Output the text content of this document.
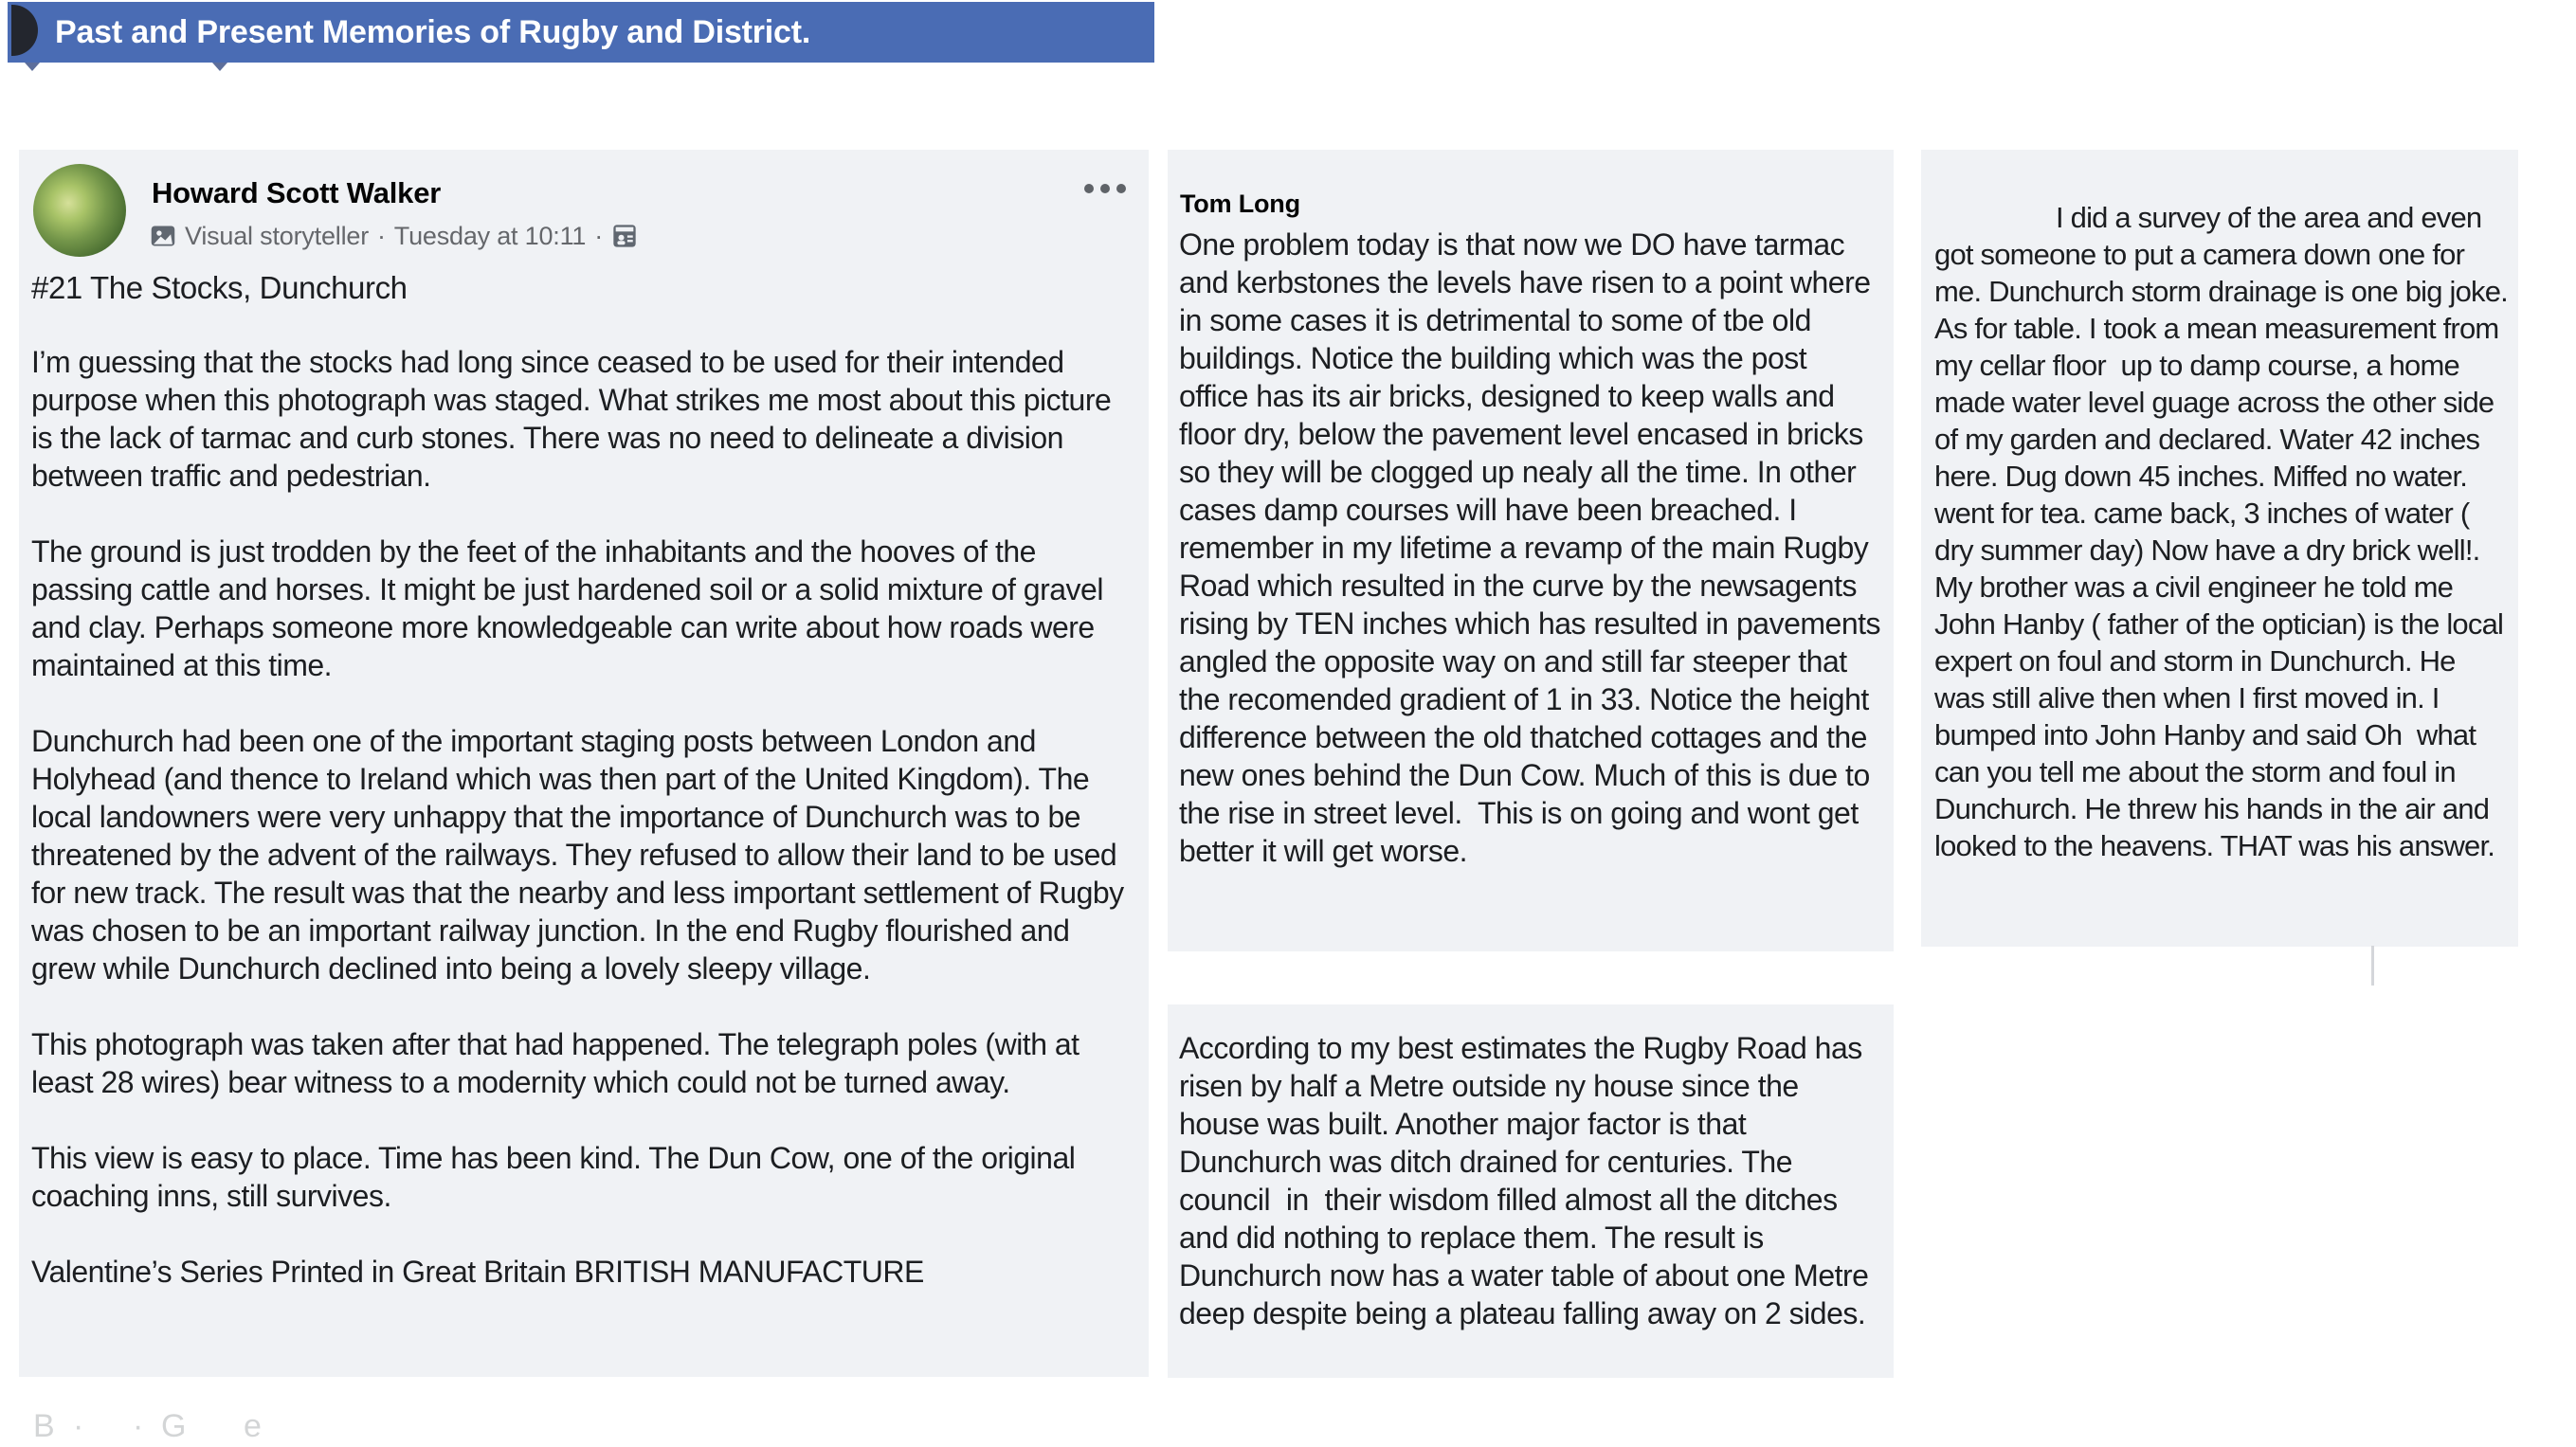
Past and Present Memories of Rugby and District.
Howard Scott Walker
Visual storyteller · Tuesday at 10:11 ·
#21 The Stocks, Dunchurch

I’m guessing that the stocks had long since ceased to be used for their intended purpose when this photograph was staged. What strikes me most about this picture is the lack of tarmac and curb stones. There was no need to delineate a division between traffic and pedestrian.

The ground is just trodden by the feet of the inhabitants and the hooves of the passing cattle and horses. It might be just hardened soil or a solid mixture of gravel and clay. Perhaps someone more knowledgeable can write about how roads were maintained at this time.

Dunchurch had been one of the important staging posts between London and Holyhead (and thence to Ireland which was then part of the United Kingdom). The local landowners were very unhappy that the importance of Dunchurch was to be threatened by the advent of the railways. They refused to allow their land to be used for new track. The result was that the nearby and less important settlement of Rugby was chosen to be an important railway junction. In the end Rugby flourished and grew while Dunchurch declined into being a lovely sleepy village.

This photograph was taken after that had happened. The telegraph poles (with at least 28 wires) bear witness to a modernity which could not be turned away.

This view is easy to place. Time has been kind. The Dun Cow, one of the original coaching inns, still survives.

Valentine’s Series Printed in Great Britain BRITISH MANUFACTURE

Tom Long

One problem today is that now we DO have tarmac and kerbstones the levels have risen to a point where in some cases it is detrimental to some of tbe old buildings. Notice the building which was the post office has its air bricks, designed to keep walls and floor dry, below the pavement level encased in bricks so they will be clogged up nealy all the time. In other cases damp courses will have been breached. I remember in my lifetime a revamp of the main Rugby Road which resulted in the curve by the newsagents rising by TEN inches which has resulted in pavements angled the opposite way on and still far steeper that the recomended gradient of 1 in 33. Notice the height difference between the old thatched cottages and the new ones behind the Dun Cow. Much of this is due to the rise in street level.  This is on going and wont get better it will get worse.

According to my best estimates the Rugby Road has risen by half a Metre outside ny house since the house was built. Another major factor is that Dunchurch was ditch drained for centuries. The council  in  their wisdom filled almost all the ditches and did nothing to replace them. The result is Dunchurch now has a water table of about one Metre deep despite being a plateau falling away on 2 sides.

I did a survey of the area and even got someone to put a camera down one for me. Dunchurch storm drainage is one big joke. As for table. I took a mean measurement from my cellar floor  up to damp course, a home made water level guage across the other side of my garden and declared. Water 42 inches here. Dug down 45 inches. Miffed no water. went for tea. came back, 3 inches of water ( dry summer day) Now have a dry brick well!. My brother was a civil engineer he told me John Hanby ( father of the optician) is the local expert on foul and storm in Dunchurch. He was still alive then when I first moved in. I bumped into John Hanby and said Oh  what can you tell me about the storm and foul in Dunchurch. He threw his hands in the air and looked to the heavens. THAT was his answer.

B · · G e
